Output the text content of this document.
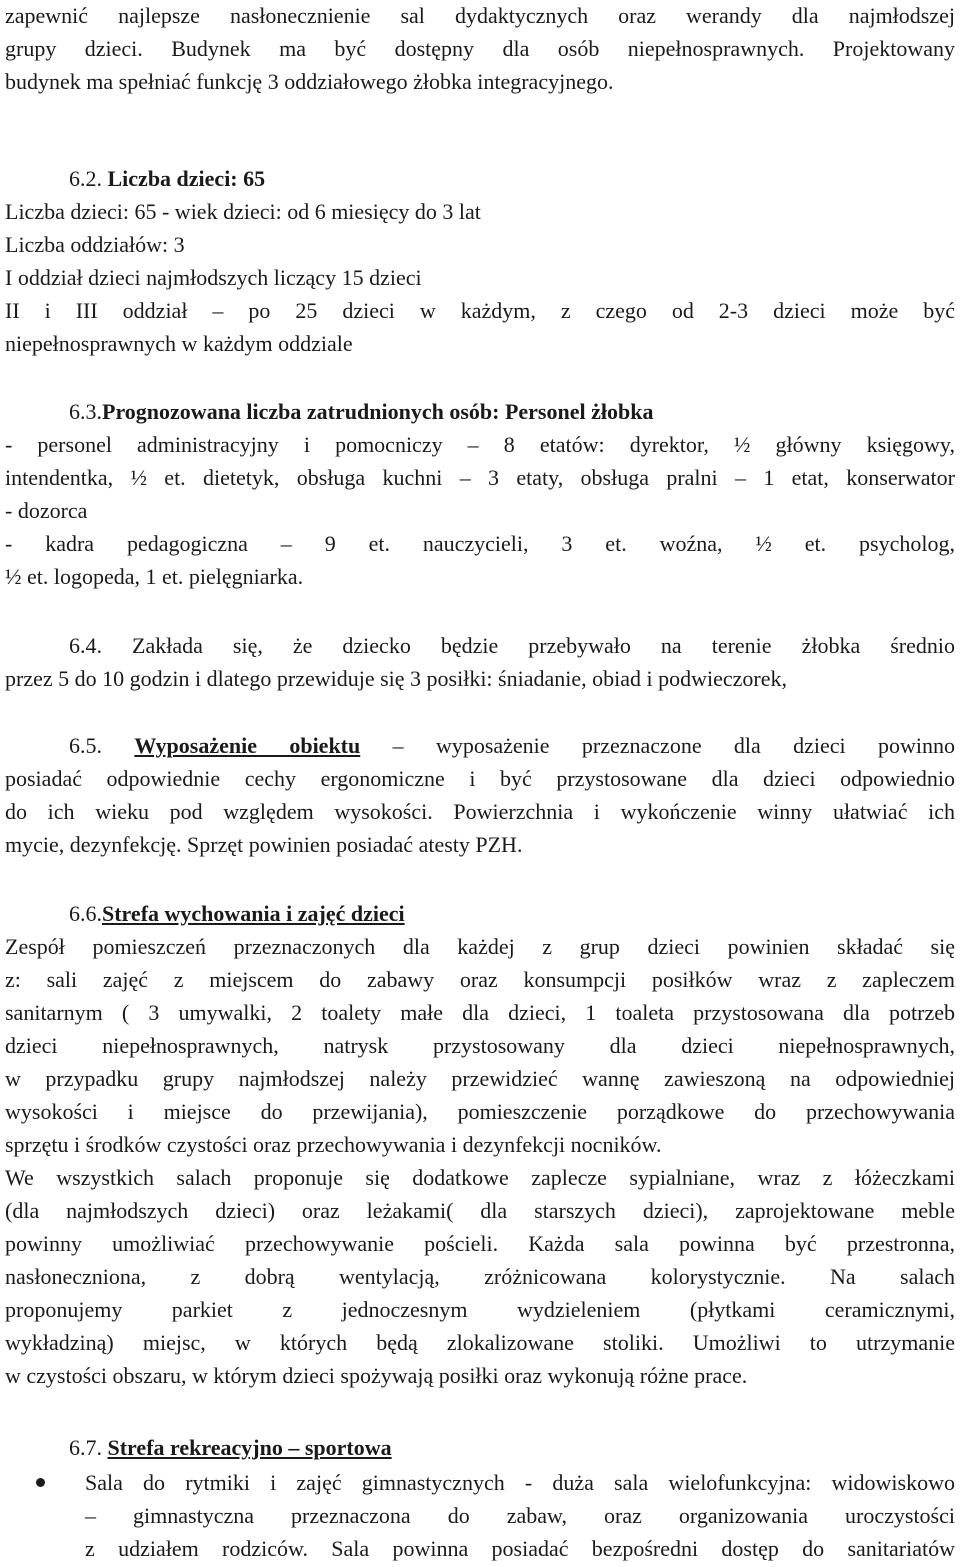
zapewnić najlepsze nasłonecznienie sal dydaktycznych oraz werandy dla najmłodszej

grupy dzieci. Budynek ma być dostępny dla osób niepełnosprawnych. Projektowany

budynek ma spełniać funkcję 3 oddziałowego żłobka integracyjnego.

6.2. Liczba dzieci: 65

Liczba dzieci: 65 - wiek dzieci: od 6 miesięcy do 3 lat

Liczba oddziałów: 3

I oddział dzieci najmłodszych liczący 15 dzieci

II i III oddział – po 25 dzieci w każdym, z czego od 2-3 dzieci może być

niepełnosprawnych w każdym oddziale

6.3.Prognozowana liczba zatrudnionych osób: Personel żłobka

- personel administracyjny i pomocniczy – 8 etatów: dyrektor, ½ główny księgowy,

intendentka, ½ et. dietetyk, obsługa kuchni – 3 etaty, obsługa pralni – 1 etat, konserwator

- dozorca

- kadra pedagogiczna – 9 et. nauczycieli, 3 et. woźna, ½ et. psycholog,

½ et. logopeda, 1 et. pielęgniarka.

6.4. Zakłada się, że dziecko będzie przebywało na terenie żłobka średnio

przez 5 do 10 godzin i dlatego przewiduje się 3 posiłki: śniadanie, obiad i podwieczorek,

6.5. Wyposażenie obiektu – wyposażenie przeznaczone dla dzieci powinno

posiadać odpowiednie cechy ergonomiczne i być przystosowane dla dzieci odpowiednio

do ich wieku pod względem wysokości. Powierzchnia i wykończenie winny ułatwiać ich

mycie, dezynfekcję. Sprzęt powinien posiadać atesty PZH.

6.6.Strefa wychowania i zajęć dzieci

Zespół pomieszczeń przeznaczonych dla każdej z grup dzieci powinien składać się

z: sali zajęć z miejscem do zabawy oraz konsumpcji posiłków wraz z zapleczem

sanitarnym ( 3 umywalki, 2 toalety małe dla dzieci, 1 toaleta przystosowana dla potrzeb

dzieci niepełnosprawnych, natrysk przystosowany dla dzieci niepełnosprawnych,

w przypadku grupy najmłodszej należy przewidzieć wannę zawieszoną na odpowiedniej

wysokości i miejsce do przewijania), pomieszczenie porządkowe do przechowywania

sprzętu i środków czystości oraz przechowywania i dezynfekcji nocników.

We wszystkich salach proponuje się dodatkowe zaplecze sypialniane, wraz z łóżeczkami

(dla najmłodszych dzieci) oraz leżakami( dla starszych dzieci), zaprojektowane meble

powinny umożliwiać przechowywanie pościeli. Każda sala powinna być przestronna,

nasłoneczniona, z dobrą wentylacją, zróżnicowana kolorystycznie. Na salach

proponujemy parkiet z jednoczesnym wydzieleniem (płytkami ceramicznymi,

wykładziną) miejsc, w których będą zlokalizowane stoliki. Umożliwi to utrzymanie

w czystości obszaru, w którym dzieci spożywają posiłki oraz wykonują różne prace.

6.7. Strefa rekreacyjno – sportowa

Sala do rytmiki i zajęć gimnastycznych - duża sala wielofunkcyjna: widowiskowo

– gimnastyczna przeznaczona do zabaw, oraz organizowania uroczystości

z udziałem rodziców. Sala powinna posiadać bezpośredni dostęp do sanitariatów
